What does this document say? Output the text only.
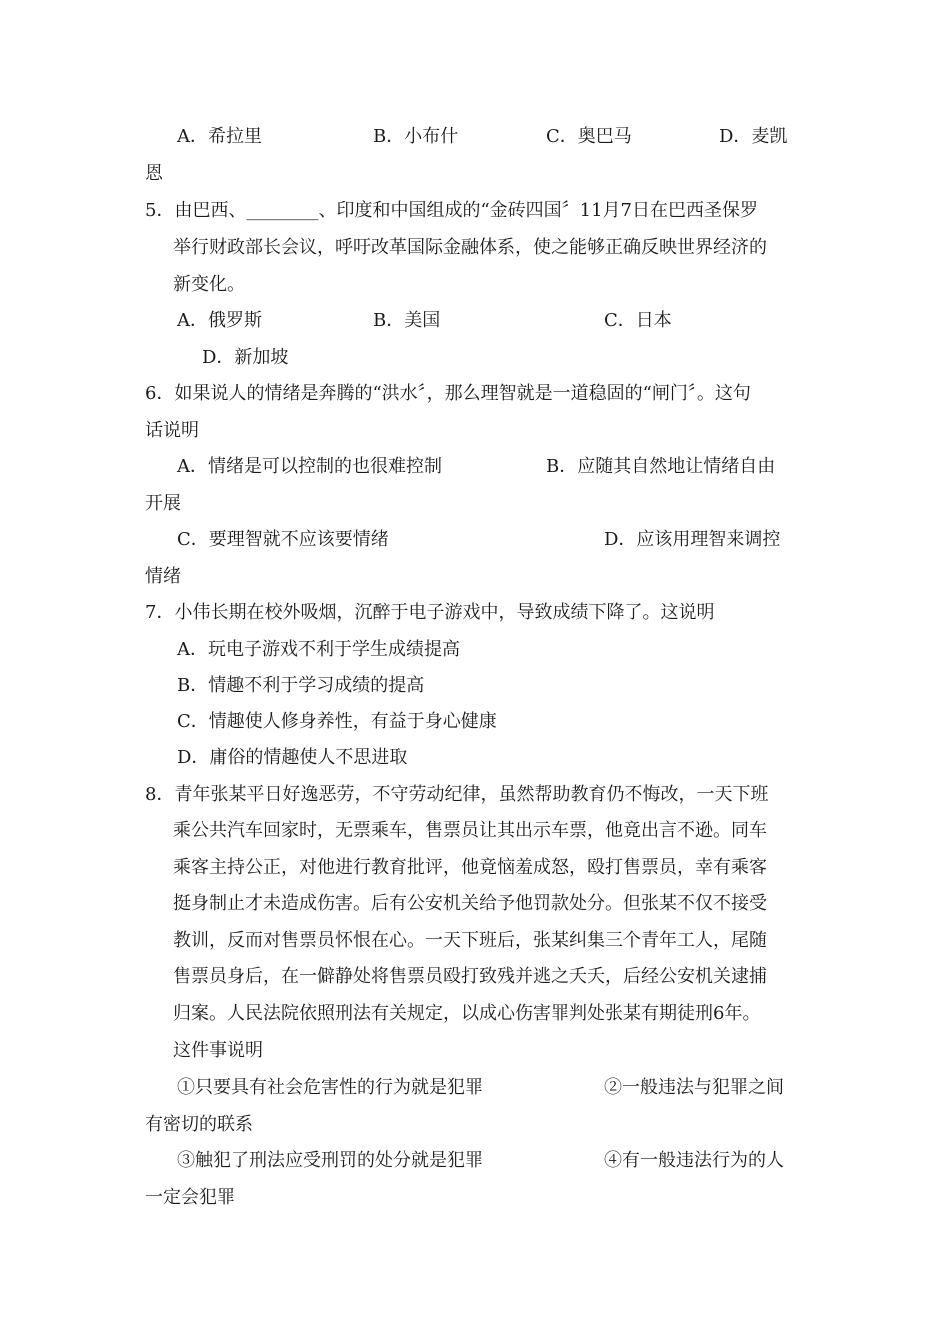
A．希拉里	B．小布什	C．奥巴马	D．麦凯
恩
5．由巴西、________、印度和中国组成的“金砖四国〞11月7日在巴西圣保罗
举行财政部长会议，呼吁改革国际金融体系，使之能够正确反映世界经济的
新变化。
A．俄罗斯	B．美国	C．日本
D．新加坡
6．如果说人的情绪是奔腾的“洪水〞，那么理智就是一道稳固的“闸门〞。这句
话说明
A．情绪是可以控制的也很难控制	B．应随其自然地让情绪自由
开展
C．要理智就不应该要情绪	D．应该用理智来调控
情绪
7．小伟长期在校外吸烟，沉醉于电子游戏中，导致成绩下降了。这说明
A．玩电子游戏不利于学生成绩提高
B．情趣不利于学习成绩的提高
C．情趣使人修身养性，有益于身心健康
D．庸俗的情趣使人不思进取
8．青年张某平日好逸恶劳，不守劳动纪律，虽然帮助教育仍不悔改，一天下班
乘公共汽车回家时，无票乘车，售票员让其出示车票，他竟出言不逊。同车
乘客主持公正，对他进行教育批评，他竟恼羞成怒，殴打售票员，幸有乘客
挺身制止才未造成伤害。后有公安机关给予他罚款处分。但张某不仅不接受
教训，反而对售票员怀恨在心。一天下班后，张某纠集三个青年工人，尾随
售票员身后，在一僻静处将售票员殴打致残并逃之夭夭，后经公安机关逮捕
归案。人民法院依照刑法有关规定，以成心伤害罪判处张某有期徒刑6年。
这件事说明
①只要具有社会危害性的行为就是犯罪	②一般违法与犯罪之间
有密切的联系
③触犯了刑法应受刑罚的处分就是犯罪	④有一般违法行为的人
一定会犯罪
